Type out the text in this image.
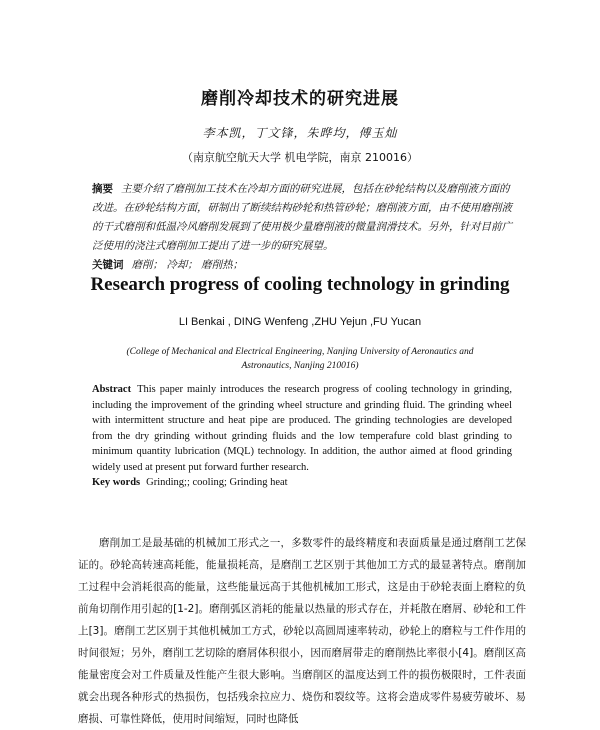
磨削冷却技术的研究进展
李本凯，丁文锋，朱晔均，傅玉灿
（南京航空航天大学 机电学院，南京 210016）
摘要 主要介绍了磨削加工技术在冷却方面的研究进展，包括在砂轮结构以及磨削液方面的改进。在砂轮结构方面，研制出了断续结构砂轮和热管砂轮；磨削液方面，由不使用磨削液的干式磨削和低温冷风磨削发展到了使用极少量磨削液的微量润滑技术。另外，针对目前广泛使用的浇注式磨削加工提出了进一步的研究展望。
关键词 磨削； 冷却； 磨削热；
Research progress of cooling technology in grinding
LI Benkai , DING Wenfeng ,ZHU Yejun ,FU Yucan
(College of Mechanical and Electrical Engineering, Nanjing University of Aeronautics and Astronautics, Nanjing 210016)
Abstract This paper mainly introduces the research progress of cooling technology in grinding, including the improvement of the grinding wheel structure and grinding fluid. The grinding wheel with intermittent structure and heat pipe are produced. The grinding technologies are developed from the dry grinding without grinding fluids and the low temperafure cold blast grinding to minimum quantity lubrication (MQL) technology. In addition, the author aimed at flood grinding widely used at present put forward further research.
Key words Grinding;; cooling; Grinding heat

磨削加工是最基础的机械加工形式之一，多数零件的最终精度和表面质量是通过磨削工艺保证的。砂轮高转速高耗能，能量损耗高，是磨削工艺区别于其他加工方式的最显著特点。磨削加工过程中会消耗很高的能量，这些能量远高于其他机械加工形式，这是由于砂轮表面上磨粒的负前角切削作用引起的[1-2]。磨削弧区消耗的能量以热量的形式存在，并耗散在磨屑、砂轮和工件上[3]。磨削工艺区别于其他机械加工方式，砂轮以高圆周速率转动，砂轮上的磨粒与工件作用的时间很短；另外，磨削工艺切除的磨屑体积很小，因而磨屑带走的磨削热比率很小[4]。磨削区高能量密度会对工件质量及性能产生很大影响。当磨削区的温度达到工件的损伤极限时，工件表面就会出现各种形式的热损伤，包括残余拉应力、烧伤和裂纹等。这将会造成零件易疲劳破坏、易磨损、可靠性降低，使用时间缩短，同时也降低
